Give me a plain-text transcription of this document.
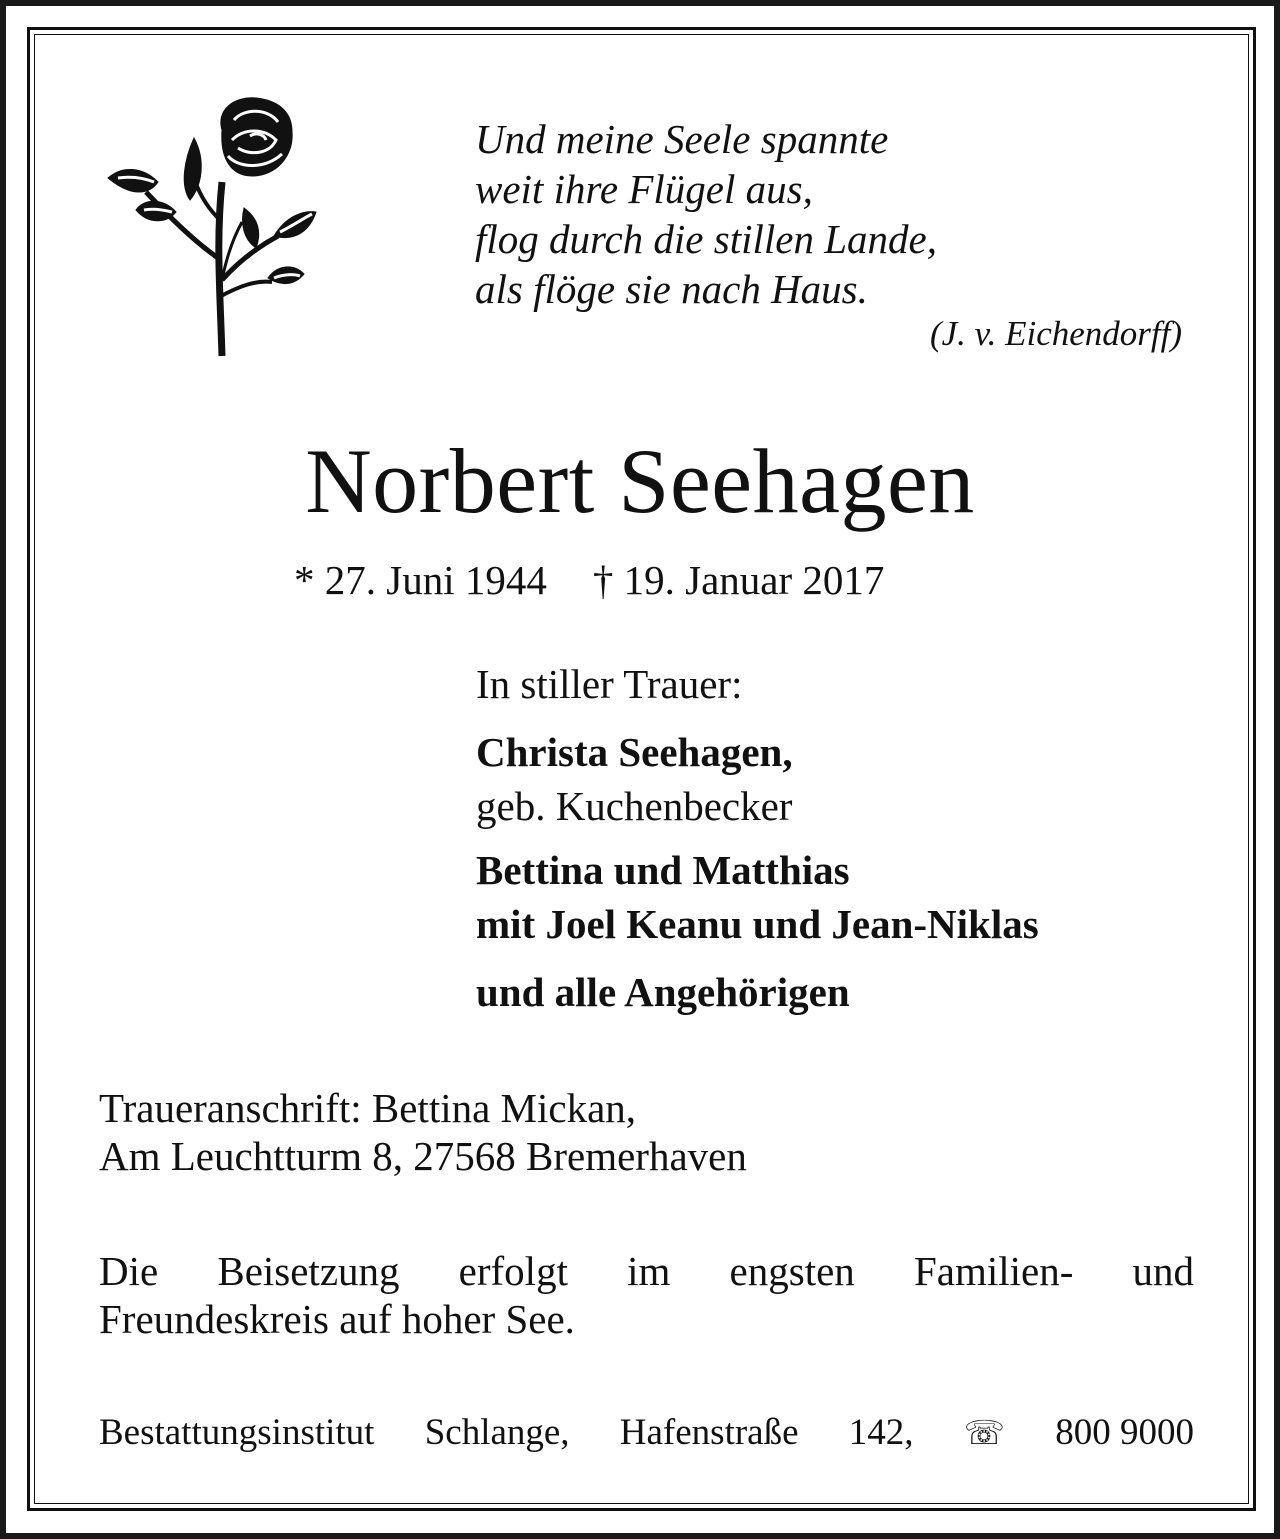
Und meine Seele spannte
weit ihre Flügel aus,
flog durch die stillen Lande,
als flöge sie nach Haus.
(J. v. Eichendorff)
Norbert Seehagen
* 27. Juni 1944 † 19. Januar 2017
In stiller Trauer:
Christa Seehagen,
geb. Kuchenbecker
Bettina und Matthias
mit Joel Keanu und Jean-Niklas
und alle Angehörigen
Traueranschrift: Bettina Mickan,
Am Leuchtturm 8, 27568 Bremerhaven
Die Beisetzung erfolgt im engsten Familien- und
Freundeskreis auf hoher See.
Bestattungsinstitut Schlange, Hafenstraße 142, ☏ 800 9000
